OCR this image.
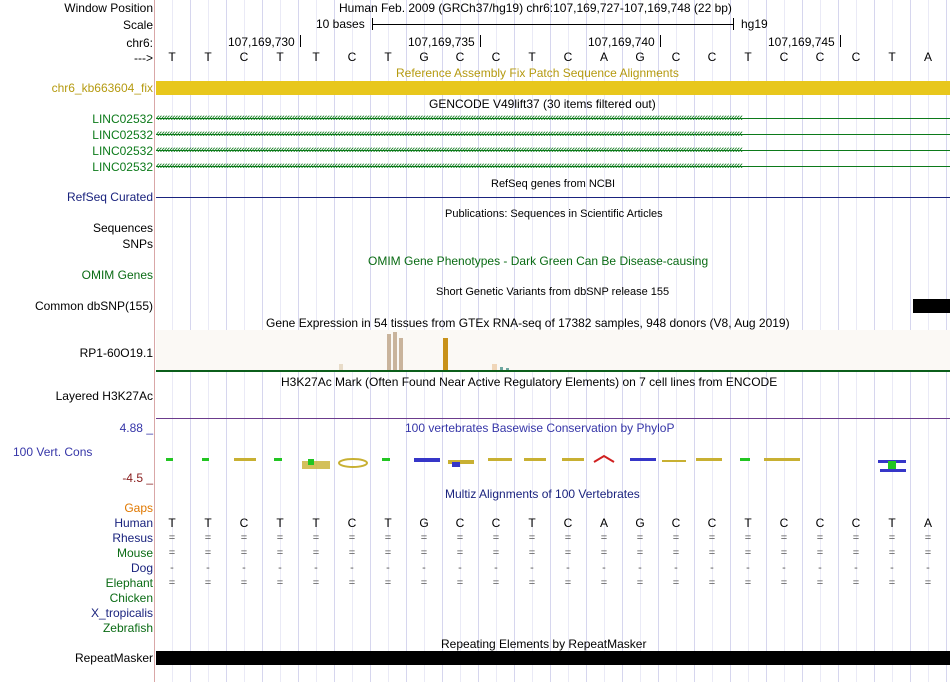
Window Position	Human Feb. 2009 (GRCh37/hg19) chr6:107,169,727-107,169,748 (22 bp)
Scale	10 bases	hg19
chr6:	107,169,730	107,169,735	107,169,740	107,169,745
--->	T	T	C	T	T	C	T	G	C	C	T	C	A	G	C	C	T	C	C	C	T	A
Reference Assembly Fix Patch Sequence Alignments
chr6_kb663604_fix
GENCODE V49lift37 (30 items filtered out)
LINC02532 ‹‹‹‹‹‹‹‹‹‹‹‹‹‹‹‹‹‹‹‹‹‹‹‹‹‹‹‹‹‹‹‹‹‹‹‹‹‹‹‹‹‹‹‹‹‹‹‹‹‹‹‹‹‹‹‹‹‹‹‹‹‹‹‹‹‹‹‹‹‹‹‹‹‹‹‹‹‹‹‹‹‹‹‹‹‹‹‹‹‹‹‹‹‹‹‹‹‹‹‹‹‹‹‹‹‹‹‹‹‹‹‹‹‹‹‹‹‹‹‹‹‹‹‹‹‹‹‹‹‹‹‹‹‹‹‹‹‹‹‹‹‹‹‹‹‹‹‹‹‹‹‹‹‹‹‹‹‹‹‹‹‹‹‹‹‹‹‹‹‹‹‹‹‹‹‹‹‹‹‹‹‹‹‹‹‹‹‹‹‹‹‹‹‹‹‹‹‹‹‹‹‹‹‹‹‹‹‹‹‹‹‹‹‹‹‹‹‹‹‹
LINC02532 ‹‹‹‹‹‹‹‹‹‹‹‹‹‹‹‹‹‹‹‹‹‹‹‹‹‹‹‹‹‹‹‹‹‹‹‹‹‹‹‹‹‹‹‹‹‹‹‹‹‹‹‹‹‹‹‹‹‹‹‹‹‹‹‹‹‹‹‹‹‹‹‹‹‹‹‹‹‹‹‹‹‹‹‹‹‹‹‹‹‹‹‹‹‹‹‹‹‹‹‹‹‹‹‹‹‹‹‹‹‹‹‹‹‹‹‹‹‹‹‹‹‹‹‹‹‹‹‹‹‹‹‹‹‹‹‹‹‹‹‹‹‹‹‹‹‹‹‹‹‹‹‹‹‹‹‹‹‹‹‹‹‹‹‹‹‹‹‹‹‹‹‹‹‹‹‹‹‹‹‹‹‹‹‹‹‹‹‹‹‹‹‹‹‹‹‹‹‹‹‹‹‹‹‹‹‹‹‹‹‹‹‹‹‹‹‹‹‹‹‹
LINC02532 ‹‹‹‹‹‹‹‹‹‹‹‹‹‹‹‹‹‹‹‹‹‹‹‹‹‹‹‹‹‹‹‹‹‹‹‹‹‹‹‹‹‹‹‹‹‹‹‹‹‹‹‹‹‹‹‹‹‹‹‹‹‹‹‹‹‹‹‹‹‹‹‹‹‹‹‹‹‹‹‹‹‹‹‹‹‹‹‹‹‹‹‹‹‹‹‹‹‹‹‹‹‹‹‹‹‹‹‹‹‹‹‹‹‹‹‹‹‹‹‹‹‹‹‹‹‹‹‹‹‹‹‹‹‹‹‹‹‹‹‹‹‹‹‹‹‹‹‹‹‹‹‹‹‹‹‹‹‹‹‹‹‹‹‹‹‹‹‹‹‹‹‹‹‹‹‹‹‹‹‹‹‹‹‹‹‹‹‹‹‹‹‹‹‹‹‹‹‹‹‹‹‹‹‹‹‹‹‹‹‹‹‹‹‹‹‹‹‹‹‹
LINC02532 ‹‹‹‹‹‹‹‹‹‹‹‹‹‹‹‹‹‹‹‹‹‹‹‹‹‹‹‹‹‹‹‹‹‹‹‹‹‹‹‹‹‹‹‹‹‹‹‹‹‹‹‹‹‹‹‹‹‹‹‹‹‹‹‹‹‹‹‹‹‹‹‹‹‹‹‹‹‹‹‹‹‹‹‹‹‹‹‹‹‹‹‹‹‹‹‹‹‹‹‹‹‹‹‹‹‹‹‹‹‹‹‹‹‹‹‹‹‹‹‹‹‹‹‹‹‹‹‹‹‹‹‹‹‹‹‹‹‹‹‹‹‹‹‹‹‹‹‹‹‹‹‹‹‹‹‹‹‹‹‹‹‹‹‹‹‹‹‹‹‹‹‹‹‹‹‹‹‹‹‹‹‹‹‹‹‹‹‹‹‹‹‹‹‹‹‹‹‹‹‹‹‹‹‹‹‹‹‹‹‹‹‹‹‹‹‹‹‹‹‹
RefSeq genes from NCBI
RefSeq Curated
Publications: Sequences in Scientific Articles
Sequences
SNPs
OMIM Gene Phenotypes - Dark Green Can Be Disease-causing
OMIM Genes
Short Genetic Variants from dbSNP release 155
Common dbSNP(155)
Gene Expression in 54 tissues from GTEx RNA-seq of 17382 samples, 948 donors (V8, Aug 2019)
RP1-60O19.1
H3K27Ac Mark (Often Found Near Active Regulatory Elements) on 7 cell lines from ENCODE
Layered H3K27Ac
100 vertebrates Basewise Conservation by PhyloP
4.88 _
100 Vert. Cons
-4.5 _
Multiz Alignments of 100 Vertebrates
Gaps
Human	T	T	C	T	T	C	T	G	C	C	T	C	A	G	C	C	T	C	C	C	T	A
Rhesus	=	=	=	=	=	=	=	=	=	=	=	=	=	=	=	=	=	=	=	=	=	=
Mouse	=	=	=	=	=	=	=	=	=	=	=	=	=	=	=	=	=	=	=	=	=	=
Dog	-	-	-	-	-	-	-	-	-	-	-	-	-	-	-	-	-	-	-	-	-	-
Elephant	=	=	=	=	=	=	=	=	=	=	=	=	=	=	=	=	=	=	=	=	=	=
Chicken
X_tropicalis
Zebrafish
Repeating Elements by RepeatMasker
RepeatMasker
